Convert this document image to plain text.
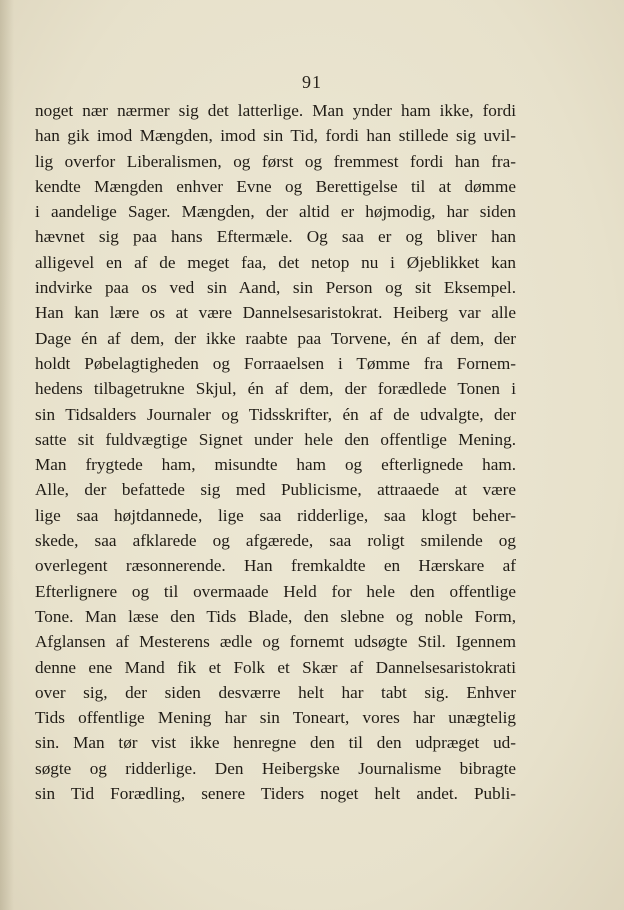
91
noget nær nærmer sig det latterlige. Man ynder ham ikke, fordi
han gik imod Mængden, imod sin Tid, fordi han stillede sig uvil-
lig overfor Liberalismen, og først og fremmest fordi han fra-
kendte Mængden enhver Evne og Berettigelse til at dømme
i aandelige Sager. Mængden, der altid er højmodig, har siden
hævnet sig paa hans Eftermæle. Og saa er og bliver han
alligevel en af de meget faa, det netop nu i Øjeblikket kan
indvirke paa os ved sin Aand, sin Person og sit Eksempel.
Han kan lære os at være Dannelsesaristokrat. Heiberg var alle
Dage én af dem, der ikke raabte paa Torvene, én af dem, der
holdt Pøbelagtigheden og Forraaelsen i Tømme fra Fornem-
hedens tilbagetrukne Skjul, én af dem, der forædlede Tonen i
sin Tidsalders Journaler og Tidsskrifter, én af de udvalgte, der
satte sit fuldvægtige Signet under hele den offentlige Mening.
Man frygtede ham, misundte ham og efterlignede ham.
Alle, der befattede sig med Publicisme, attraaede at være
lige saa højtdannede, lige saa ridderlige, saa klogt beher-
skede, saa afklarede og afgærede, saa roligt smilende og
overlegent ræsonnerende. Han fremkaldte en Hærskare af
Efterlignere og til overmaade Held for hele den offentlige
Tone. Man læse den Tids Blade, den slebne og noble Form,
Afglansen af Mesterens ædle og fornemt udsøgte Stil. Igennem
denne ene Mand fik et Folk et Skær af Dannelsesaristokrati
over sig, der siden desværre helt har tabt sig. Enhver
Tids offentlige Mening har sin Toneart, vores har unægtelig
sin. Man tør vist ikke henregne den til den udpræget ud-
søgte og ridderlige. Den Heibergske Journalisme bibragte
sin Tid Forædling, senere Tiders noget helt andet. Publi-
